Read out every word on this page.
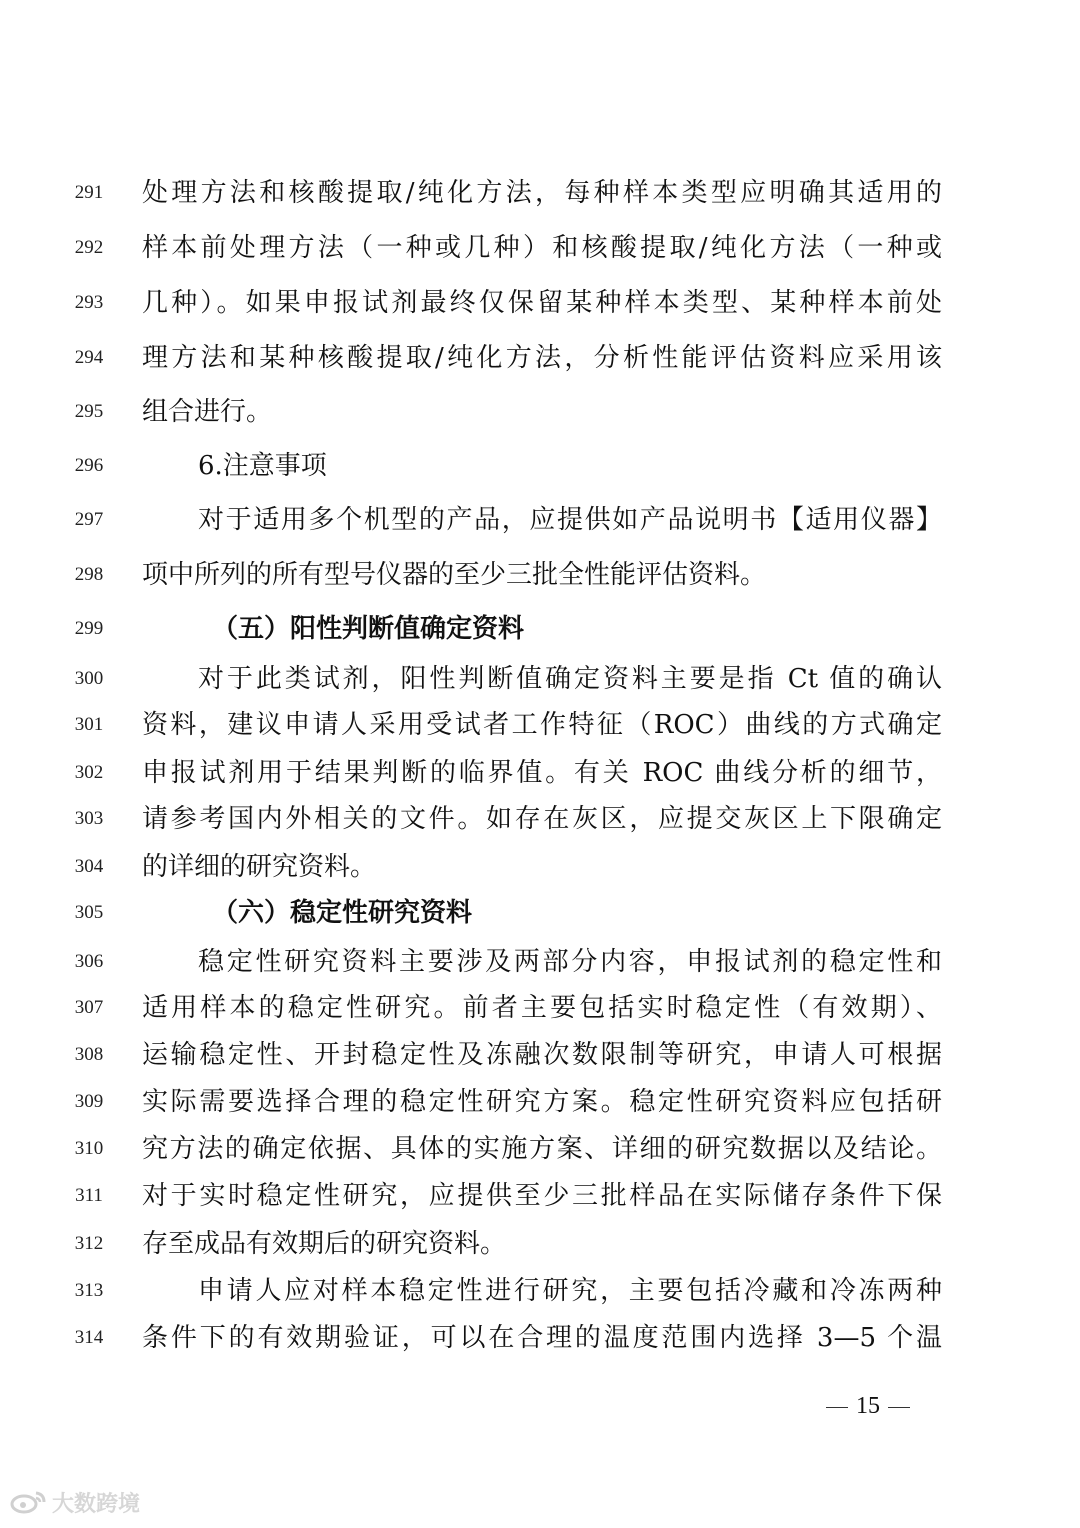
291	处理方法和核酸提取/纯化方法，每种样本类型应明确其适用的
292	样本前处理方法（一种或几种）和核酸提取/纯化方法（一种或
293	几种）。如果申报试剂最终仅保留某种样本类型、某种样本前处
294	理方法和某种核酸提取/纯化方法，分析性能评估资料应采用该
295	组合进行。
296	6.注意事项
297	对于适用多个机型的产品，应提供如产品说明书【适用仪器】
298	项中所列的所有型号仪器的至少三批全性能评估资料。
299	（五）阳性判断值确定资料
300	对于此类试剂，阳性判断值确定资料主要是指 Ct 值的确认
301	资料，建议申请人采用受试者工作特征（ROC）曲线的方式确定
302	申报试剂用于结果判断的临界值。有关 ROC 曲线分析的细节，
303	请参考国内外相关的文件。如存在灰区，应提交灰区上下限确定
304	的详细的研究资料。
305	（六）稳定性研究资料
306	稳定性研究资料主要涉及两部分内容，申报试剂的稳定性和
307	适用样本的稳定性研究。前者主要包括实时稳定性（有效期）、
308	运输稳定性、开封稳定性及冻融次数限制等研究，申请人可根据
309	实际需要选择合理的稳定性研究方案。稳定性研究资料应包括研
310	究方法的确定依据、具体的实施方案、详细的研究数据以及结论。
311	对于实时稳定性研究，应提供至少三批样品在实际储存条件下保
312	存至成品有效期后的研究资料。
313	申请人应对样本稳定性进行研究，主要包括冷藏和冷冻两种
314	条件下的有效期验证，可以在合理的温度范围内选择 3—5 个温
15
大数跨境
